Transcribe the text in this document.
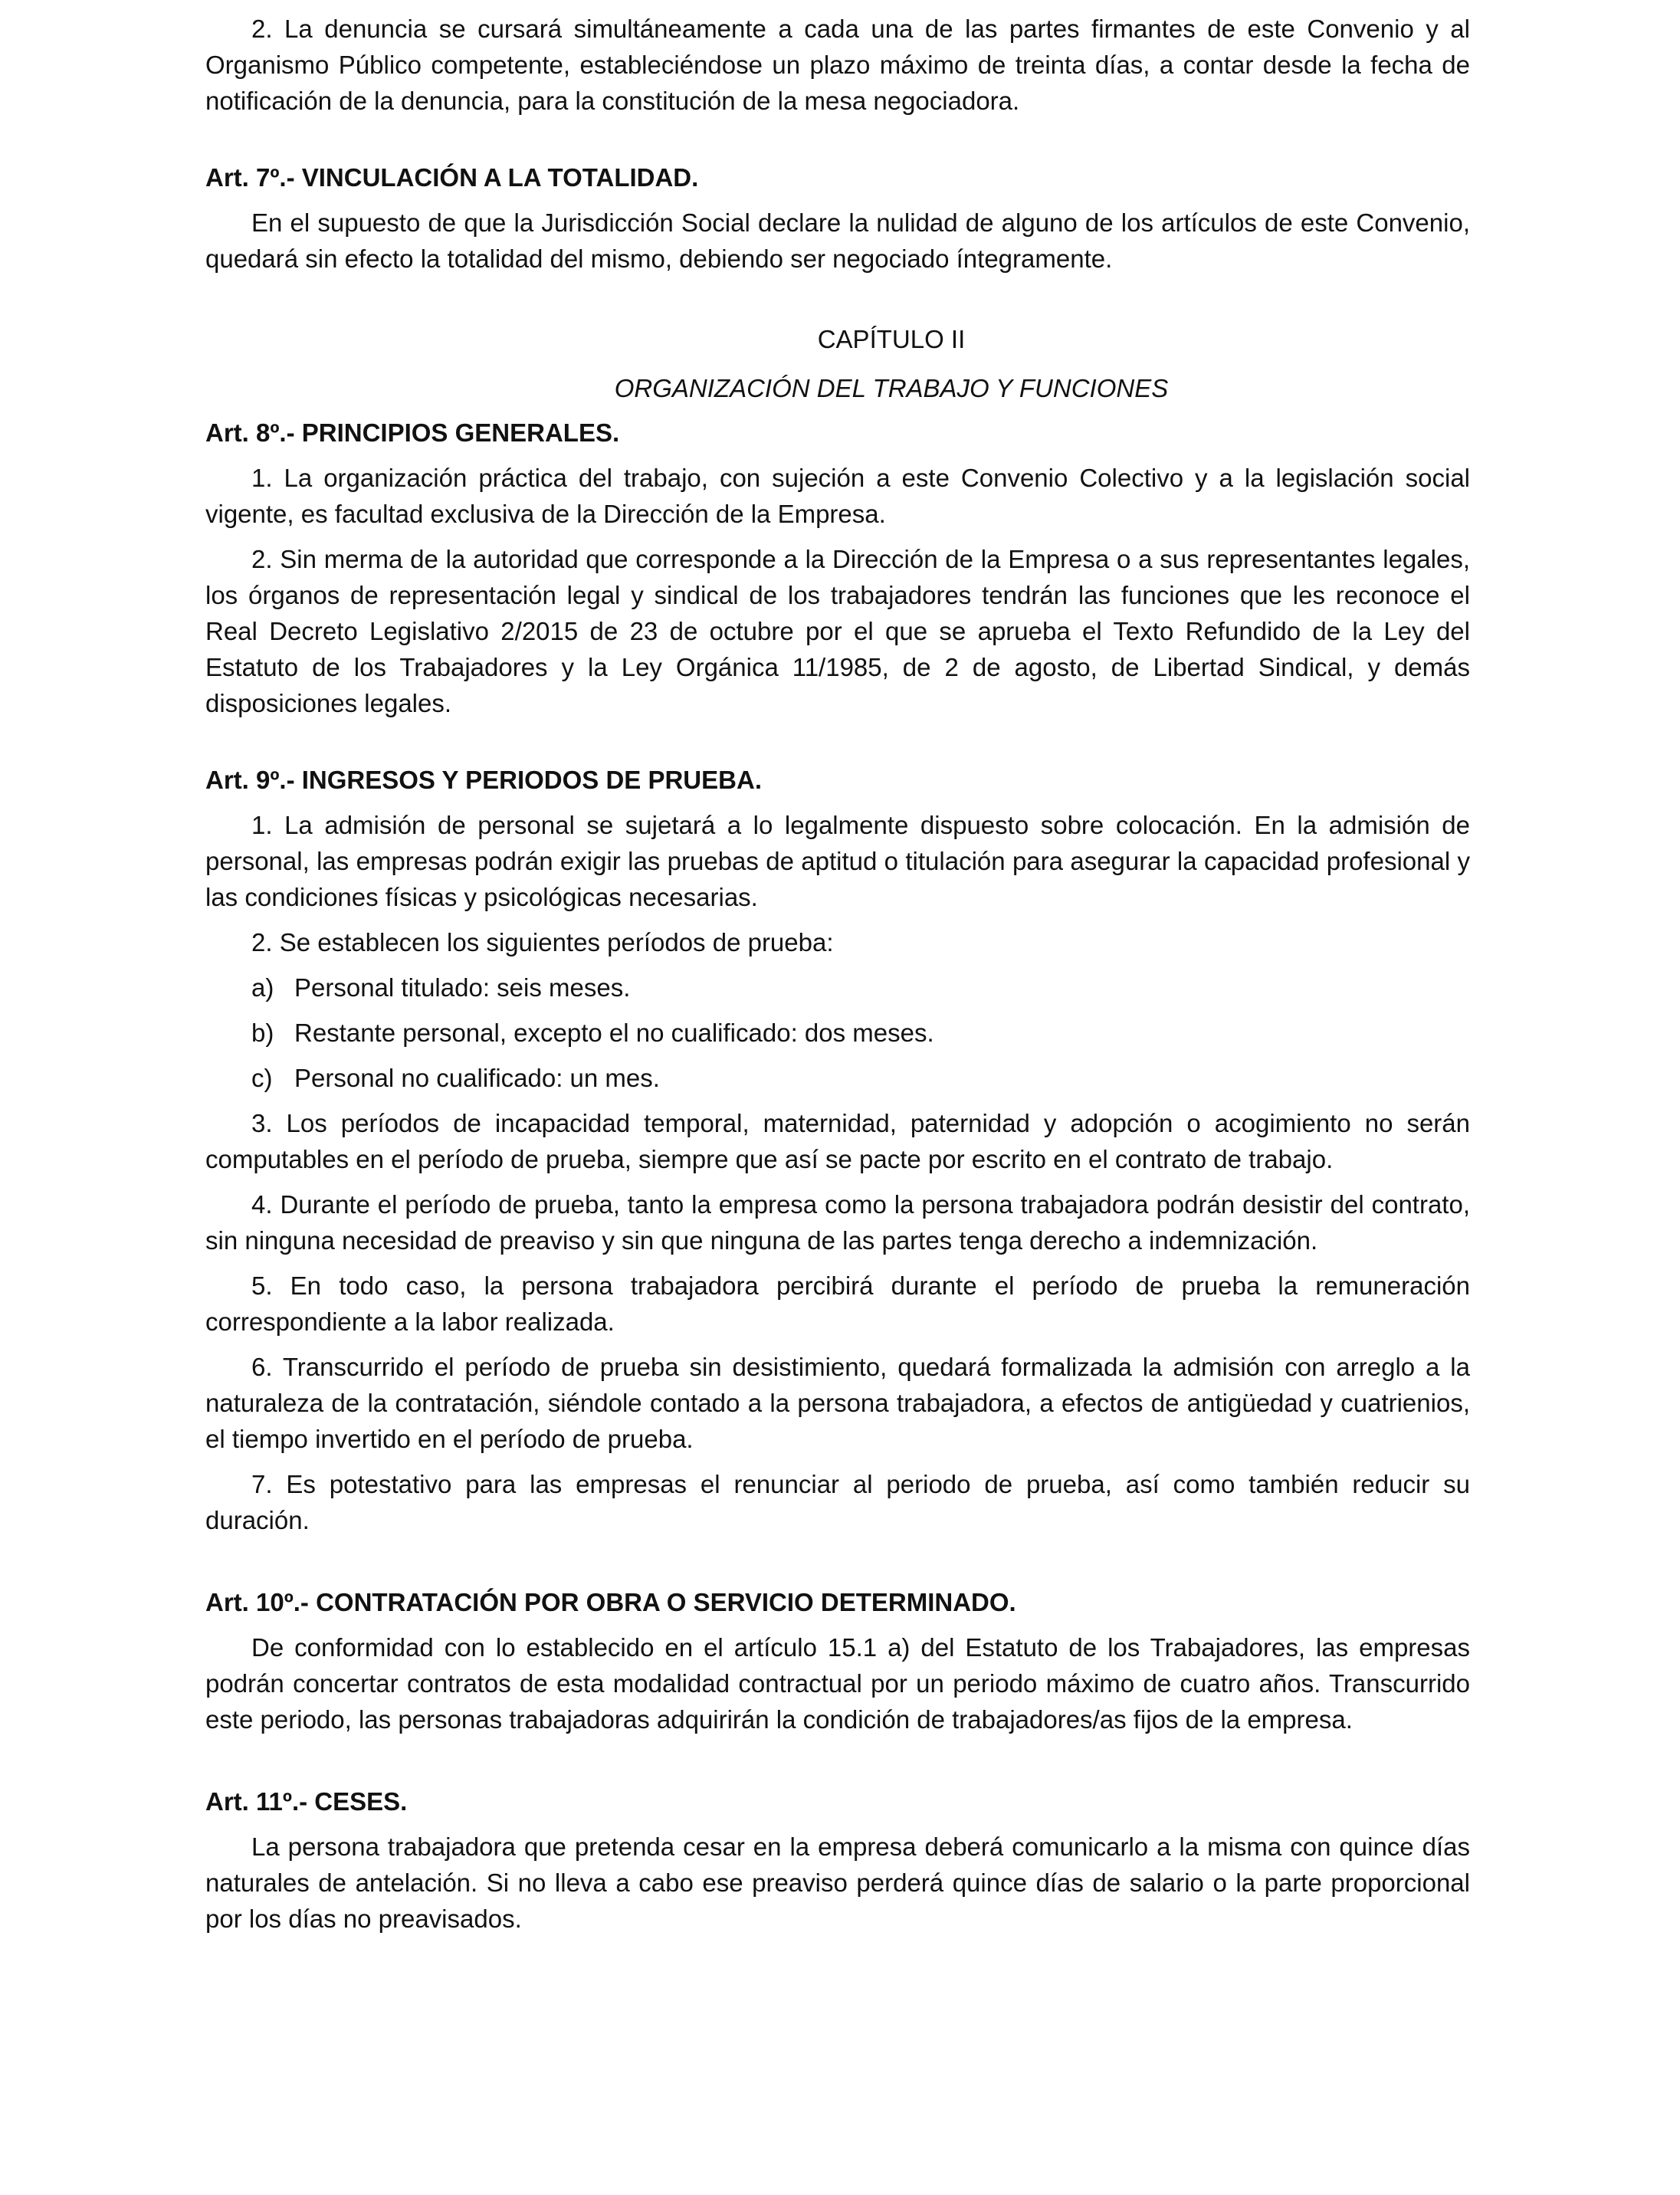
2. La denuncia se cursará simultáneamente a cada una de las partes firmantes de este Convenio y al Organismo Público competente, estableciéndose un plazo máximo de treinta días, a contar desde la fecha de notificación de la denuncia, para la constitución de la mesa negociadora.

Art. 7º.- VINCULACIÓN A LA TOTALIDAD.

En el supuesto de que la Jurisdicción Social declare la nulidad de alguno de los artículos de este Convenio, quedará sin efecto la totalidad del mismo, debiendo ser negociado íntegramente.

CAPÍTULO II

ORGANIZACIÓN DEL TRABAJO Y FUNCIONES

Art. 8º.- PRINCIPIOS GENERALES.

1. La organización práctica del trabajo, con sujeción a este Convenio Colectivo y a la legislación social vigente, es facultad exclusiva de la Dirección de la Empresa.

2. Sin merma de la autoridad que corresponde a la Dirección de la Empresa o a sus representantes legales, los órganos de representación legal y sindical de los trabajadores tendrán las funciones que les reconoce el Real Decreto Legislativo 2/2015 de 23 de octubre por el que se aprueba el Texto Refundido de la Ley del Estatuto de los Trabajadores y la Ley Orgánica 11/1985, de 2 de agosto, de Libertad Sindical, y demás disposiciones legales.

Art. 9º.- INGRESOS Y PERIODOS DE PRUEBA.

1. La admisión de personal se sujetará a lo legalmente dispuesto sobre colocación. En la admisión de personal, las empresas podrán exigir las pruebas de aptitud o titulación para asegurar la capacidad profesional y las condiciones físicas y psicológicas necesarias.

2. Se establecen los siguientes períodos de prueba:

a) Personal titulado: seis meses.

b) Restante personal, excepto el no cualificado: dos meses.

c) Personal no cualificado: un mes.

3. Los períodos de incapacidad temporal, maternidad, paternidad y adopción o acogimiento no serán computables en el período de prueba, siempre que así se pacte por escrito en el contrato de trabajo.

4. Durante el período de prueba, tanto la empresa como la persona trabajadora podrán desistir del contrato, sin ninguna necesidad de preaviso y sin que ninguna de las partes tenga derecho a indemnización.

5. En todo caso, la persona trabajadora percibirá durante el período de prueba la remuneración correspondiente a la labor realizada.

6. Transcurrido el período de prueba sin desistimiento, quedará formalizada la admisión con arreglo a la naturaleza de la contratación, siéndole contado a la persona trabajadora, a efectos de antigüedad y cuatrienios, el tiempo invertido en el período de prueba.

7. Es potestativo para las empresas el renunciar al periodo de prueba, así como también reducir su duración.

Art. 10º.- CONTRATACIÓN POR OBRA O SERVICIO DETERMINADO.

De conformidad con lo establecido en el artículo 15.1 a) del Estatuto de los Trabajadores, las empresas podrán concertar contratos de esta modalidad contractual por un periodo máximo de cuatro años. Transcurrido este periodo, las personas trabajadoras adquirirán la condición de trabajadores/as fijos de la empresa.

Art. 11º.- CESES.

La persona trabajadora que pretenda cesar en la empresa deberá comunicarlo a la misma con quince días naturales de antelación. Si no lleva a cabo ese preaviso perderá quince días de salario o la parte proporcional por los días no preavisados.
